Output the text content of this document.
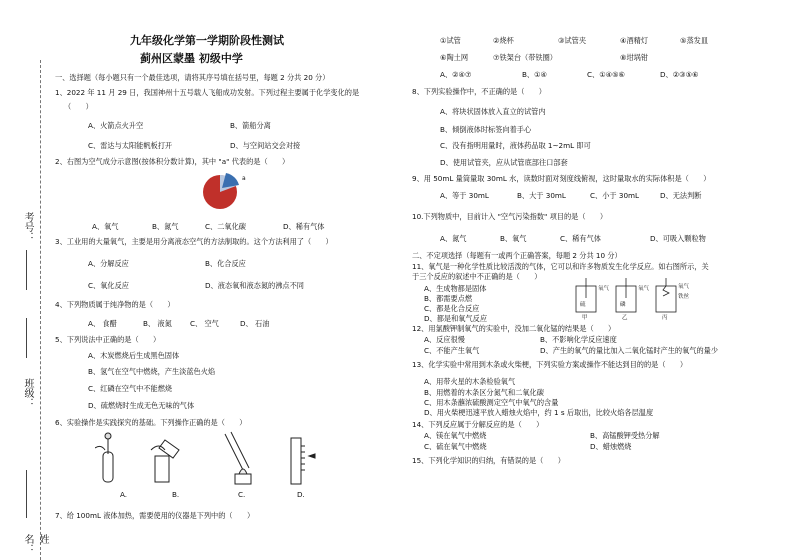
考号：
班级：
姓名：
九年级化学第一学期阶段性测试
蓟州区蒙墨 初级中学
一、选择题（每小题只有一个最佳选项，请将其序号填在括号里，每题 2 分共 20 分）
1、2022 年 11 月 29 日，我国神州十五号载人飞船成功发射。下列过程主要属于化学变化的是
（　　）
A、火箭点火升空	B、箭船分离
C、雷达与太阳能帆板打开	D、与空间站交会对接
2、右图为空气成分示意图(按体积分数计算)，其中 "a" 代表的是（　　）
a
A、氧气	B、氮气	C、二氧化碳	D、稀有气体
3、工业用的大量氧气，主要是用分离液态空气的方法制取的。这个方法利用了（　　）
A、分解反应	B、化合反应
C、氧化反应	D、液态氧和液态氮的沸点不同
4、下列物质属于纯净物的是（　　）
A、 食醋	B、 液氮	C、 空气	D、 石油
5、下列说法中正确的是（　　）
A、木炭燃烧后生成黑色固体
B、氢气在空气中燃烧，产生淡蓝色火焰
C、红磷在空气中不能燃烧
D、硫燃烧时生成无色无味的气体
6、实验操作是实践探究的基础。下列操作正确的是（　　）
A.	B.	C.	D.
7、给 100mL 液体加热，需要使用的仪器是下列中的（　　）
①试管	②烧杯	③试管夹	④酒精灯	⑤蒸发皿
⑥陶土网	⑦铁架台（带铁圈）	⑧坩埚钳
A、②④⑦	B、①④	C、①④⑤⑥	D、②③⑤⑥
8、下列实验操作中，不正确的是（　　）
A、将块状固体放入直立的试管内
B、倾倒液体时标签向着手心
C、没有指明用量时，液体药品取 1~2mL 即可
D、使用试管夹，应从试管底部往口部套
9、用 50mL 量筒量取 30mL 水，读数时面对刻度线俯视，这时量取水的实际体积是（　　）
A、等于 30mL	B、大于 30mL	C、小于 30mL	D、无法判断
10.下列物质中，目前计入 "空气污染指数" 项目的是（　　）
A、氮气	B、氧气	C、稀有气体	D、可吸入颗粒物
二、不定项选择（每题有一或两个正确答案，每题 2 分共 10 分）
11、氧气是一种化学性质比较活泼的气体，它可以和许多物质发生化学反应。如右图所示，关
于三个反应的叙述中不正确的是（　　）
A、生成物都是固体
B、都需要点燃
C、都是化合反应
D、都是和氧气反应
氧气
硫
氧气
磷
氧气
铁丝
甲	乙	丙
12、用氯酸钾制氧气的实验中，没加二氧化锰的结果是（　　）
A、反应很慢	B、不影响化学反应速度
C、不能产生氧气	D、产生的氧气的量比加入二氧化锰时产生的氧气的量少
13、化学实验中常用到木条或火柴梗，下列实验方案或操作不能达到目的的是（　　）
A、用带火星的木条检验氧气
B、用燃着的木条区分氮气和二氧化碳
C、用木条蘸浓硫酸测定空气中氧气的含量
D、用火柴梗迅速平放入蜡烛火焰中，约 1 s 后取出，比较火焰各层温度
14、下列反应属于分解反应的是（　　）
A、镁在氧气中燃烧	B、高锰酸钾受热分解
C、硫在氧气中燃烧	D、蜡烛燃烧
15、下列化学知识的归纳，有错误的是（　　）
